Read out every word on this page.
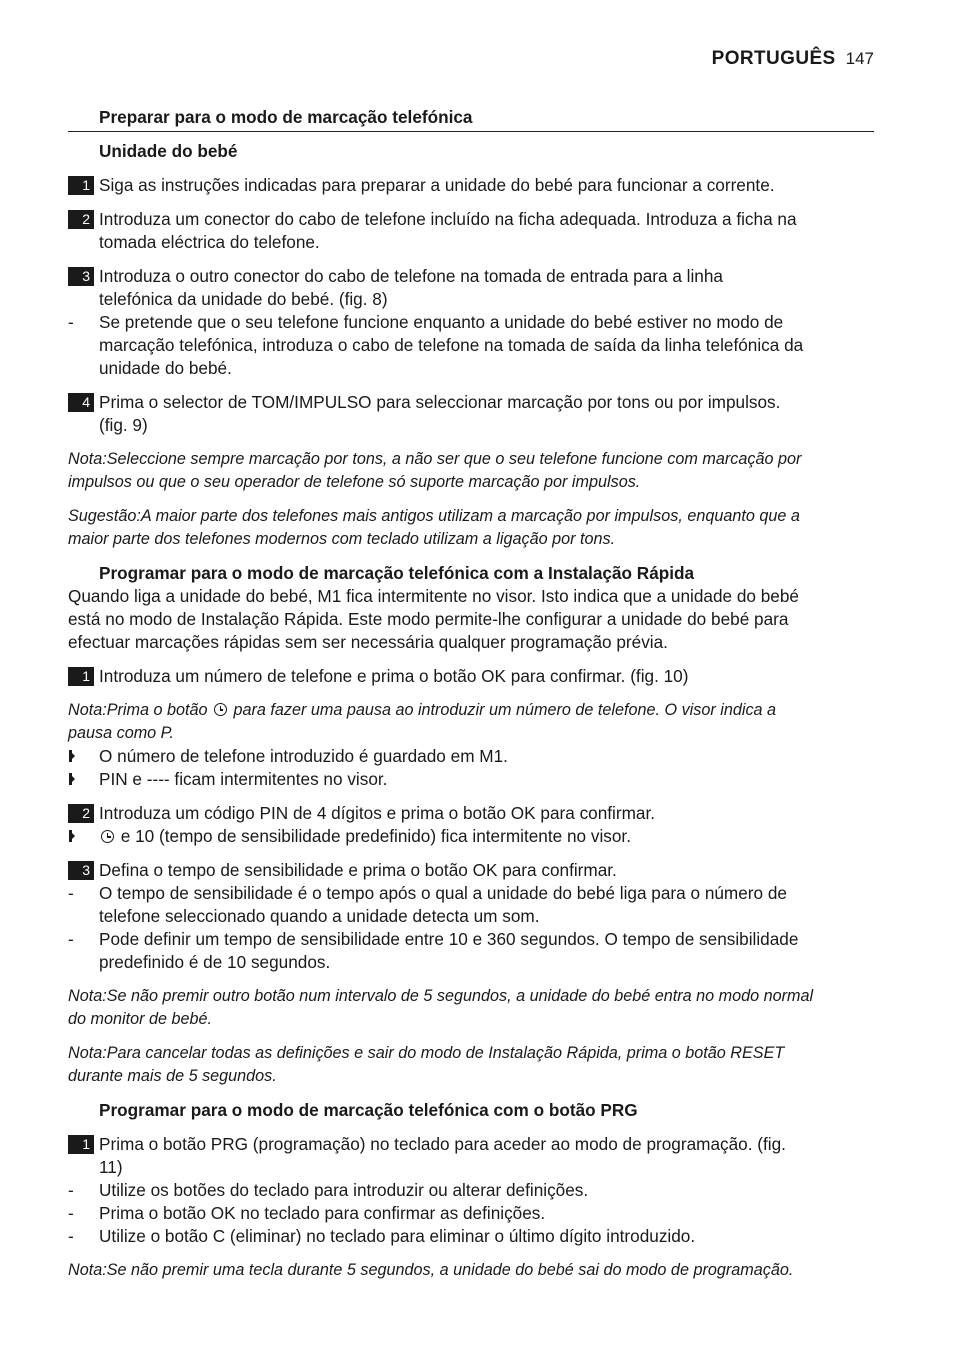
PORTUGUÊS 147
Preparar para o modo de marcação telefónica
Unidade do bebé
1 Siga as instruções indicadas para preparar a unidade do bebé para funcionar a corrente.
2 Introduza um conector do cabo de telefone incluído na ficha adequada. Introduza a ficha na
tomada eléctrica do telefone.
3 Introduza o outro conector do cabo de telefone na tomada de entrada para a linha
telefónica da unidade do bebé. (fig. 8)
-	Se pretende que o seu telefone funcione enquanto a unidade do bebé estiver no modo de
marcação telefónica, introduza o cabo de telefone na tomada de saída da linha telefónica da
unidade do bebé.
4 Prima o selector de TOM/IMPULSO para seleccionar marcação por tons ou por impulsos.
(fig. 9)
Nota:Seleccione sempre marcação por tons, a não ser que o seu telefone funcione com marcação por
impulsos ou que o seu operador de telefone só suporte marcação por impulsos.
Sugestão:A maior parte dos telefones mais antigos utilizam a marcação por impulsos, enquanto que a
maior parte dos telefones modernos com teclado utilizam a ligação por tons.
Programar para o modo de marcação telefónica com a Instalação Rápida
Quando liga a unidade do bebé, M1 fica intermitente no visor. Isto indica que a unidade do bebé
está no modo de Instalação Rápida. Este modo permite-lhe configurar a unidade do bebé para
efectuar marcações rápidas sem ser necessária qualquer programação prévia.
1 Introduza um número de telefone e prima o botão OK para confirmar. (fig. 10)
Nota:Prima o botão para fazer uma pausa ao introduzir um número de telefone. O visor indica a
pausa como P.
O número de telefone introduzido é guardado em M1.
PIN e ---- ficam intermitentes no visor.
2 Introduza um código PIN de 4 dígitos e prima o botão OK para confirmar.
e 10 (tempo de sensibilidade predefinido) fica intermitente no visor.
3 Defina o tempo de sensibilidade e prima o botão OK para confirmar.
-	O tempo de sensibilidade é o tempo após o qual a unidade do bebé liga para o número de
telefone seleccionado quando a unidade detecta um som.
-	Pode definir um tempo de sensibilidade entre 10 e 360 segundos. O tempo de sensibilidade
predefinido é de 10 segundos.
Nota:Se não premir outro botão num intervalo de 5 segundos, a unidade do bebé entra no modo normal
do monitor de bebé.
Nota:Para cancelar todas as definições e sair do modo de Instalação Rápida, prima o botão RESET
durante mais de 5 segundos.
Programar para o modo de marcação telefónica com o botão PRG
1 Prima o botão PRG (programação) no teclado para aceder ao modo de programação. (fig.
11)
-	Utilize os botões do teclado para introduzir ou alterar definições.
-	Prima o botão OK no teclado para confirmar as definições.
-	Utilize o botão C (eliminar) no teclado para eliminar o último dígito introduzido.
Nota:Se não premir uma tecla durante 5 segundos, a unidade do bebé sai do modo de programação.
